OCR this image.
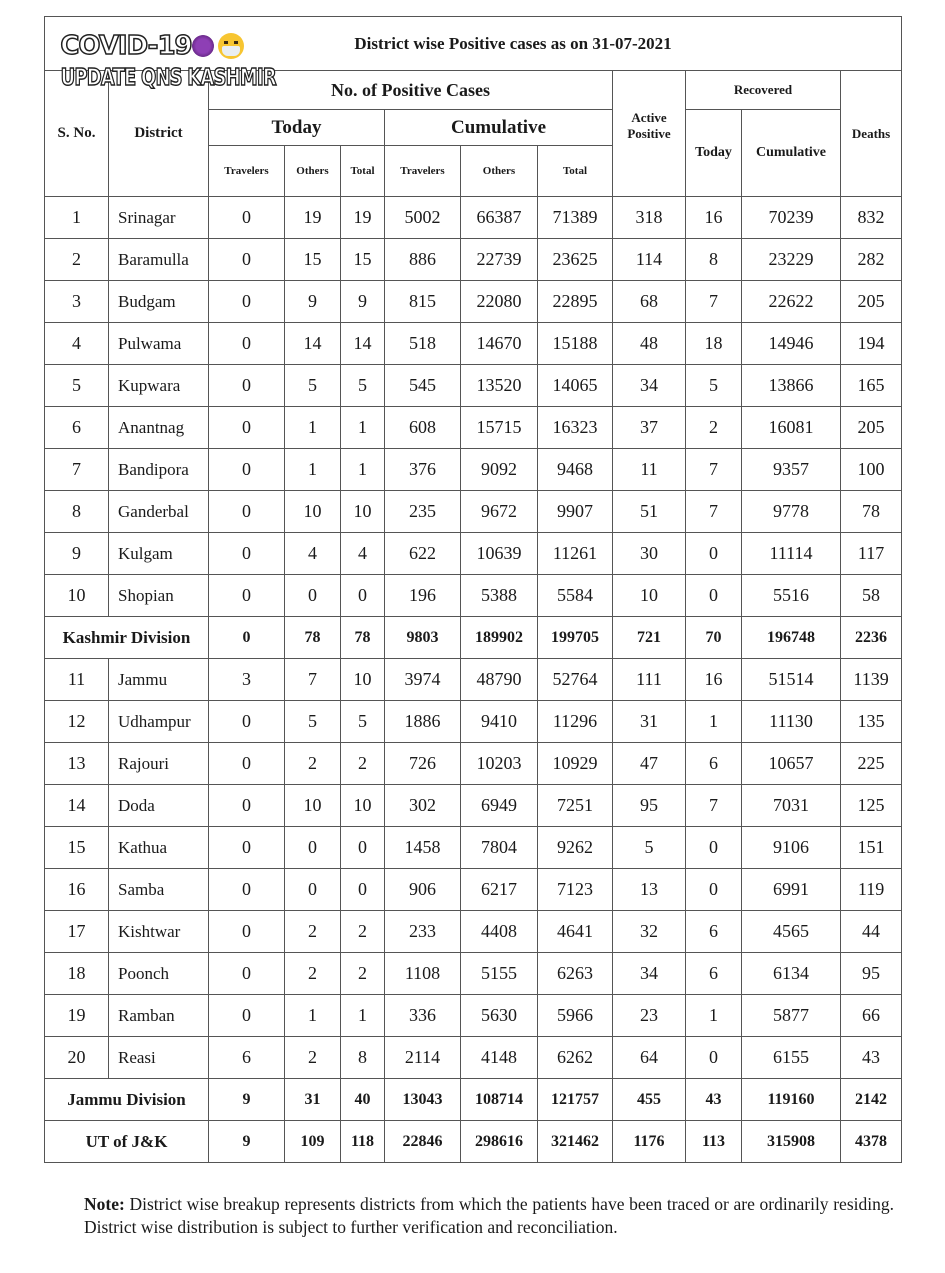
COVID-19
UPDATE QNS KASHMIR
District wise Positive cases as on 31-07-2021											
S. No.	District	No. of Positive Cases						Active Positive	Recovered		Deaths
		Today			Cumulative				Today	Cumulative	
		Travelers	Others	Total	Travelers	Others	Total				
1	Srinagar	0	19	19	5002	66387	71389	318	16	70239	832
2	Baramulla	0	15	15	886	22739	23625	114	8	23229	282
3	Budgam	0	9	9	815	22080	22895	68	7	22622	205
4	Pulwama	0	14	14	518	14670	15188	48	18	14946	194
5	Kupwara	0	5	5	545	13520	14065	34	5	13866	165
6	Anantnag	0	1	1	608	15715	16323	37	2	16081	205
7	Bandipora	0	1	1	376	9092	9468	11	7	9357	100
8	Ganderbal	0	10	10	235	9672	9907	51	7	9778	78
9	Kulgam	0	4	4	622	10639	11261	30	0	11114	117
10	Shopian	0	0	0	196	5388	5584	10	0	5516	58
Kashmir Division		0	78	78	9803	189902	199705	721	70	196748	2236
11	Jammu	3	7	10	3974	48790	52764	111	16	51514	1139
12	Udhampur	0	5	5	1886	9410	11296	31	1	11130	135
13	Rajouri	0	2	2	726	10203	10929	47	6	10657	225
14	Doda	0	10	10	302	6949	7251	95	7	7031	125
15	Kathua	0	0	0	1458	7804	9262	5	0	9106	151
16	Samba	0	0	0	906	6217	7123	13	0	6991	119
17	Kishtwar	0	2	2	233	4408	4641	32	6	4565	44
18	Poonch	0	2	2	1108	5155	6263	34	6	6134	95
19	Ramban	0	1	1	336	5630	5966	23	1	5877	66
20	Reasi	6	2	8	2114	4148	6262	64	0	6155	43
Jammu Division		9	31	40	13043	108714	121757	455	43	119160	2142
UT of J&K		9	109	118	22846	298616	321462	1176	113	315908	4378
Note: District wise breakup represents districts from which the patients have been traced or are ordinarily residing. District wise distribution is subject to further verification and reconciliation.
